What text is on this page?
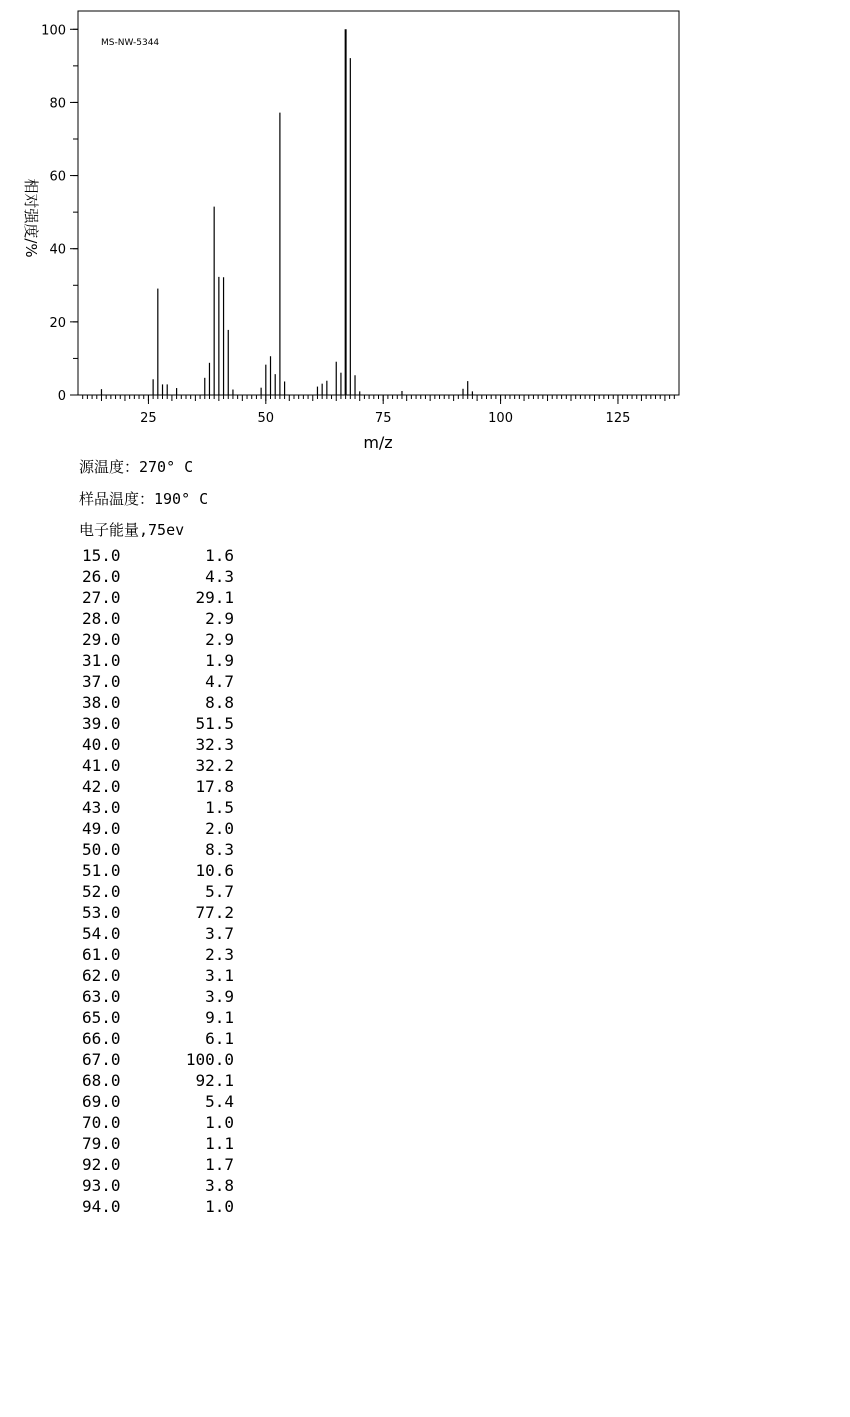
0
20
40
60
80
100
25	50	75	100	125
MS-NW-5344
m/z
相对强度/%
源温度：270° C
样品温度：190° C
电子能量,75ev
15.0	1.6
26.0	4.3
27.0	29.1
28.0	2.9
29.0	2.9
31.0	1.9
37.0	4.7
38.0	8.8
39.0	51.5
40.0	32.3
41.0	32.2
42.0	17.8
43.0	1.5
49.0	2.0
50.0	8.3
51.0	10.6
52.0	5.7
53.0	77.2
54.0	3.7
61.0	2.3
62.0	3.1
63.0	3.9
65.0	9.1
66.0	6.1
67.0	100.0
68.0	92.1
69.0	5.4
70.0	1.0
79.0	1.1
92.0	1.7
93.0	3.8
94.0	1.0
